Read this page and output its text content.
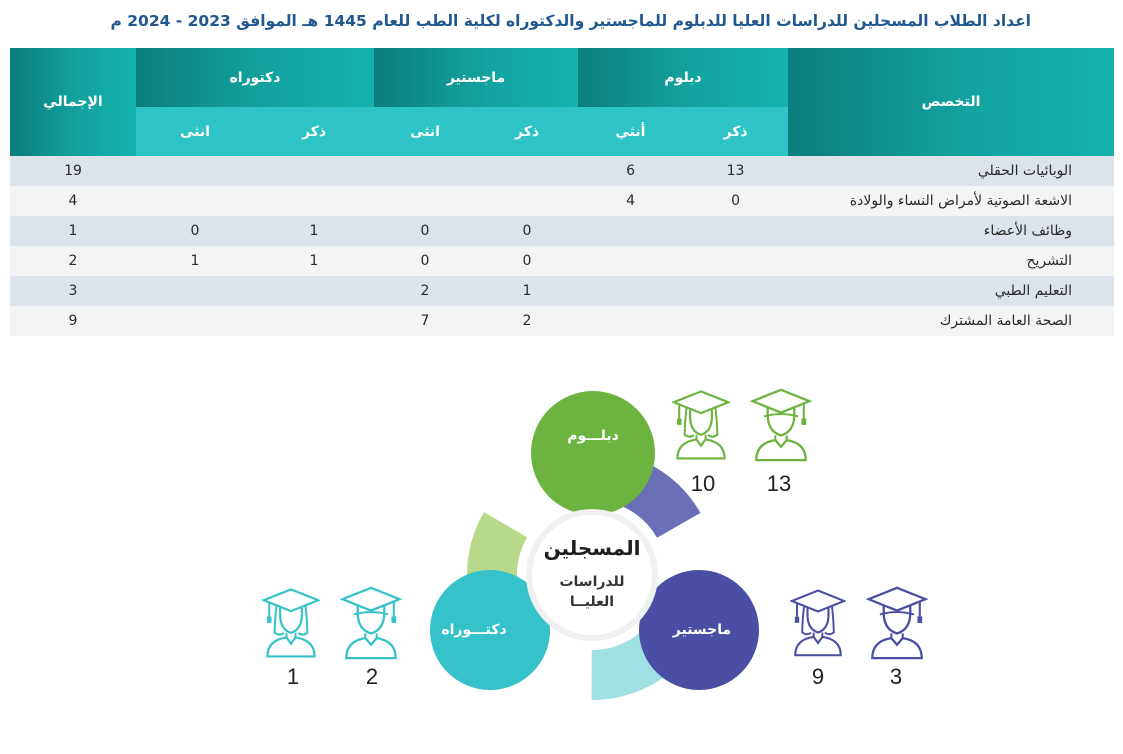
اعداد الطلاب المسجلين للدراسات العليا للدبلوم للماجستير والدكتوراه لكلية الطب للعام 1445 هـ الموافق 2023 - 2024 م
التخصص	دبلوم		ماجستير		دكتوراه		الإجمالي
	ذكر	أنثي	ذكر	انثى	ذكر	انثى	
الوبائيات الحقلي	13	6					19
الاشعة الصوتية لأمراض النساء والولادة	0	4					4
وظائف الأعضاء			0	0	1	0	1
التشريح			0	0	1	1	2
التعليم الطبي			1	2			3
الصحة العامة المشترك			2	7			9
المسجلين
للدراسات
العليــا
دبلـــوم
ماجستير
دكتـــوراه
10 13
9	3
1	2
